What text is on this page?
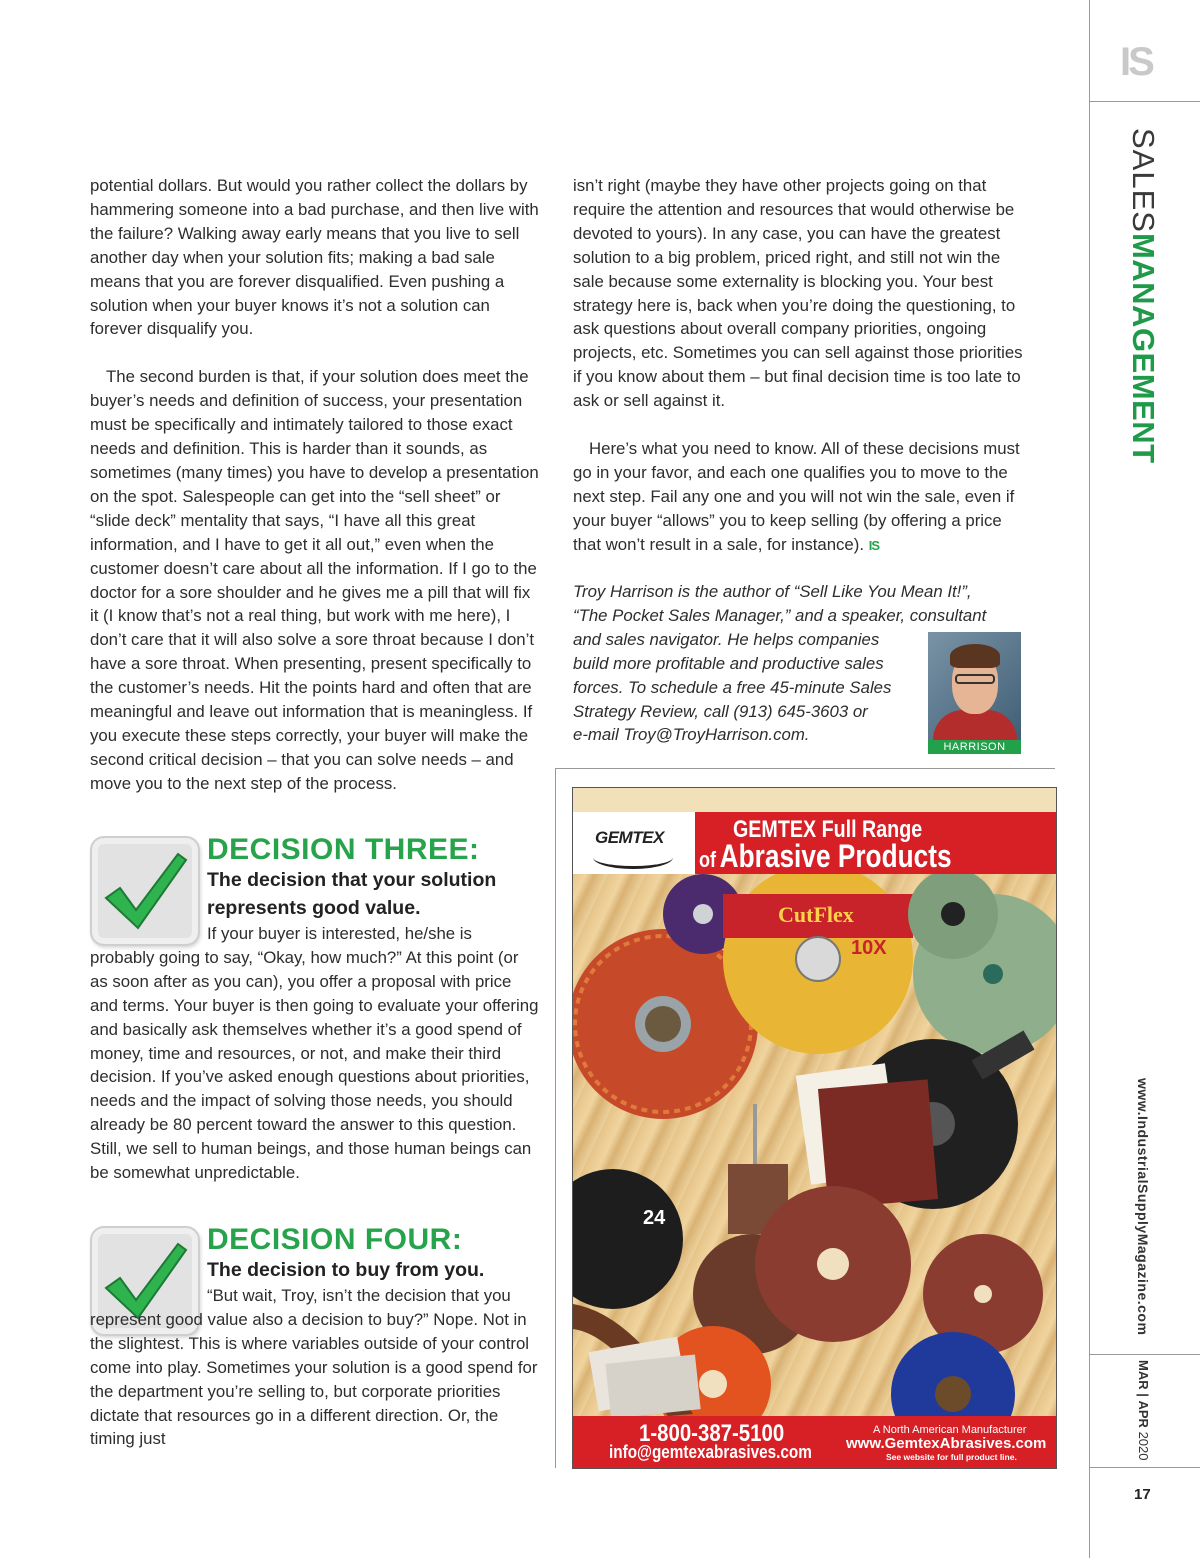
IS
SALESMANAGEMENT
www.IndustrialSupplyMagazine.com
MAR | APR 2020
17

potential dollars. But would you rather collect the dollars by hammering someone into a bad purchase, and then live with the failure? Walking away early means that you live to sell another day when your solution fits; making a bad sale means that you are forever disqualified. Even pushing a solution when your buyer knows it’s not a solution can forever disqualify you.

The second burden is that, if your solution does meet the buyer’s needs and definition of success, your presentation must be specifically and intimately tailored to those exact needs and definition. This is harder than it sounds, as sometimes (many times) you have to develop a presentation on the spot. Salespeople can get into the “sell sheet” or “slide deck” mentality that says, “I have all this great information, and I have to get it all out,” even when the customer doesn’t care about all the information. If I go to the doctor for a sore shoulder and he gives me a pill that will fix it (I know that’s not a real thing, but work with me here), I don’t care that it will also solve a sore throat because I don’t have a sore throat. When presenting, present specifically to the customer’s needs. Hit the points hard and often that are meaningful and leave out information that is meaningless. If you execute these steps correctly, your buyer will make the second critical decision – that you can solve needs – and move you to the next step of the process.

DECISION THREE:
The decision that your solution represents good value.
If your buyer is interested, he/she is probably going to say, “Okay, how much?” At this point (or as soon after as you can), you offer a proposal with price and terms. Your buyer is then going to evaluate your offering and basically ask themselves whether it’s a good spend of money, time and resources, or not, and make their third decision. If you’ve asked enough questions about priorities, needs and the impact of solving those needs, you should already be 80 percent toward the answer to this question. Still, we sell to human beings, and those human beings can be somewhat unpredictable.
DECISION FOUR:
The decision to buy from you.
“But wait, Troy, isn’t the decision that you represent good value also a decision to buy?” Nope. Not in the slightest. This is where variables outside of your control come into play. Sometimes your solution is a good spend for the department you’re selling to, but corporate priorities dictate that resources go in a different direction. Or, the timing just

isn’t right (maybe they have other projects going on that require the attention and resources that would otherwise be devoted to yours). In any case, you can have the greatest solution to a big problem, priced right, and still not win the sale because some externality is blocking you. Your best strategy here is, back when you’re doing the questioning, to ask questions about overall company priorities, ongoing projects, etc. Sometimes you can sell against those priorities if you know about them – but final decision time is too late to ask or sell against it.

Here’s what you need to know. All of these decisions must go in your favor, and each one qualifies you to move to the next step. Fail any one and you will not win the sale, even if your buyer “allows” you to keep selling (by offering a price that won’t result in a sale, for instance). IS

Troy Harrison is the author of “Sell Like You Mean It!”,
“The Pocket Sales Manager,” and a speaker, consultant
and sales navigator. He helps companies
build more profitable and productive sales
forces. To schedule a free 45-minute Sales
Strategy Review, call (913) 645-3603 or
e-mail Troy@TroyHarrison.com.
HARRISON
GEMTEX	GEMTEX Full Range
of Abrasive Products
CutFlex
10X
24
1-800-387-5100
info@gemtexabrasives.com
A North American Manufacturer
www.GemtexAbrasives.com
See website for full product line.
